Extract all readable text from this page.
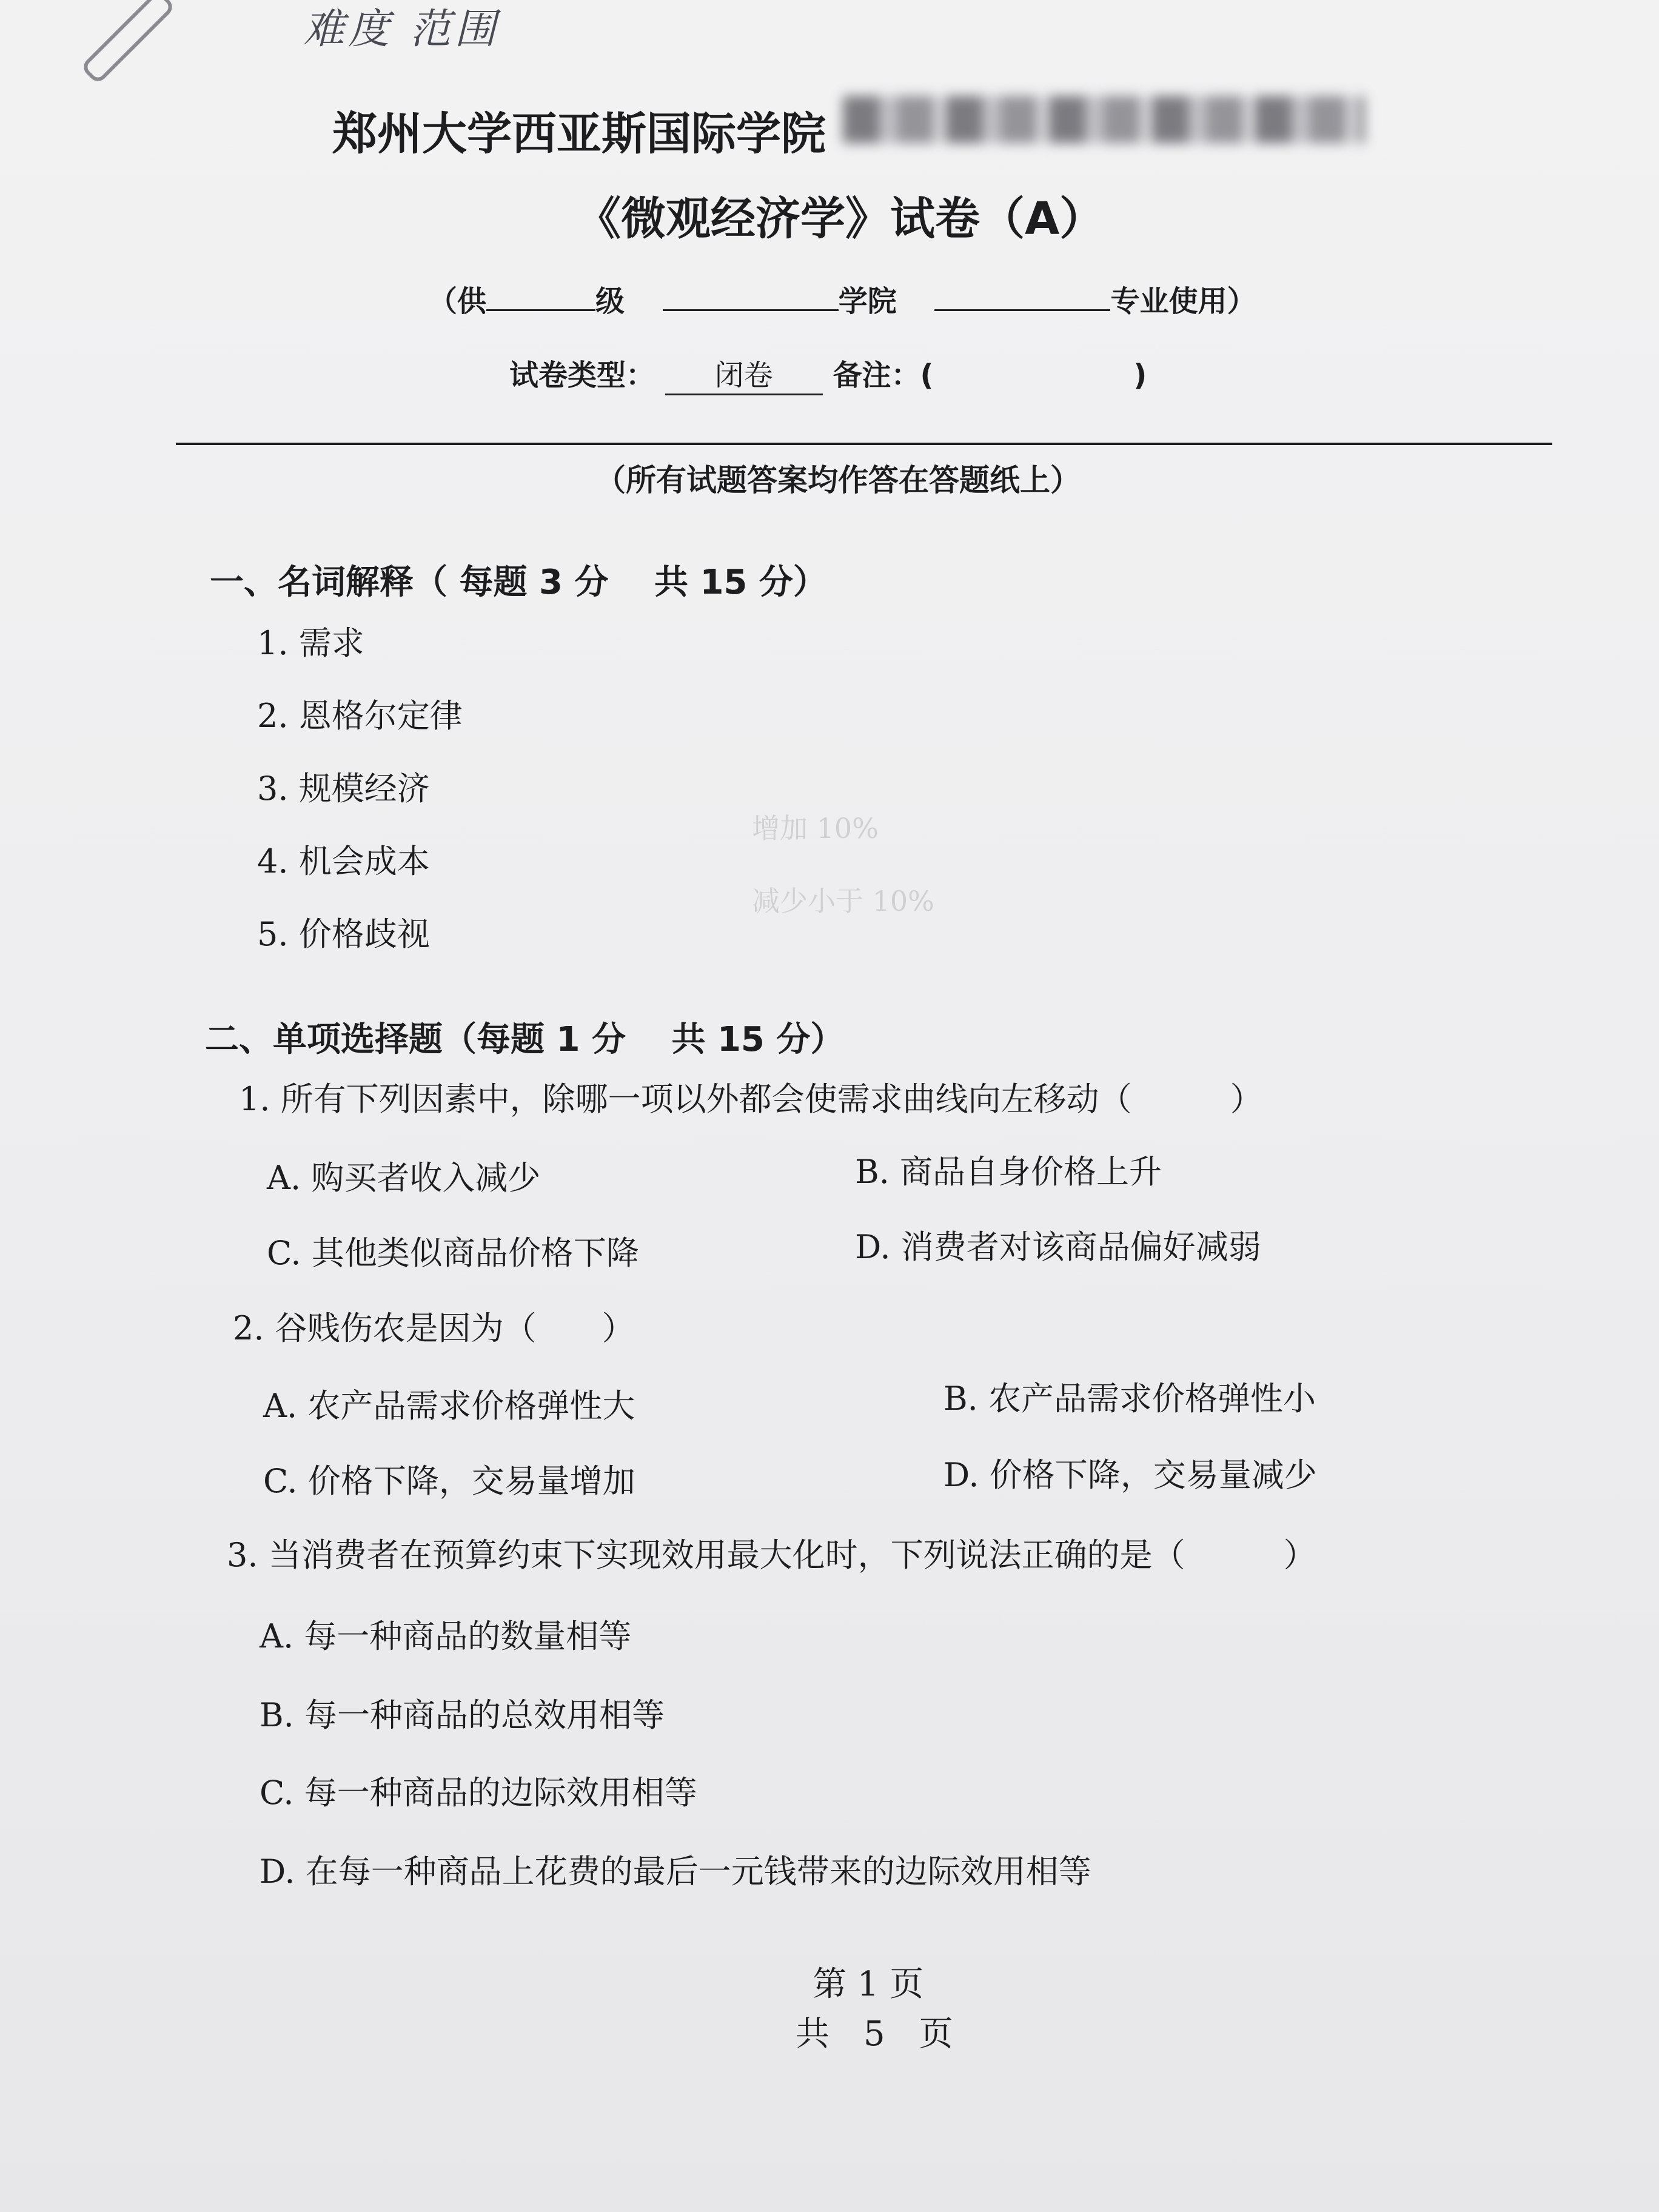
难度 范围
郑州大学西亚斯国际学院
《微观经济学》试卷（A）
（供	级	学院	专业使用）
试卷类型： 闭卷 备注：(	)
（所有试题答案均作答在答题纸上）
增加 10%
减少小于 10%
一、名词解释（ 每题 3 分　 共 15 分）
1. 需求
2. 恩格尔定律
3. 规模经济
4. 机会成本
5. 价格歧视
二、单项选择题（每题 1 分　 共 15 分）
1. 所有下列因素中，除哪一项以外都会使需求曲线向左移动（　　　）
A. 购买者收入减少	B. 商品自身价格上升
C. 其他类似商品价格下降	D. 消费者对该商品偏好减弱
2. 谷贱伤农是因为（　　）
A. 农产品需求价格弹性大	B. 农产品需求价格弹性小
C. 价格下降，交易量增加	D. 价格下降，交易量减少
3. 当消费者在预算约束下实现效用最大化时，下列说法正确的是（　　　）
A. 每一种商品的数量相等
B. 每一种商品的总效用相等
C. 每一种商品的边际效用相等
D. 在每一种商品上花费的最后一元钱带来的边际效用相等
第 1 页
共　5　页
